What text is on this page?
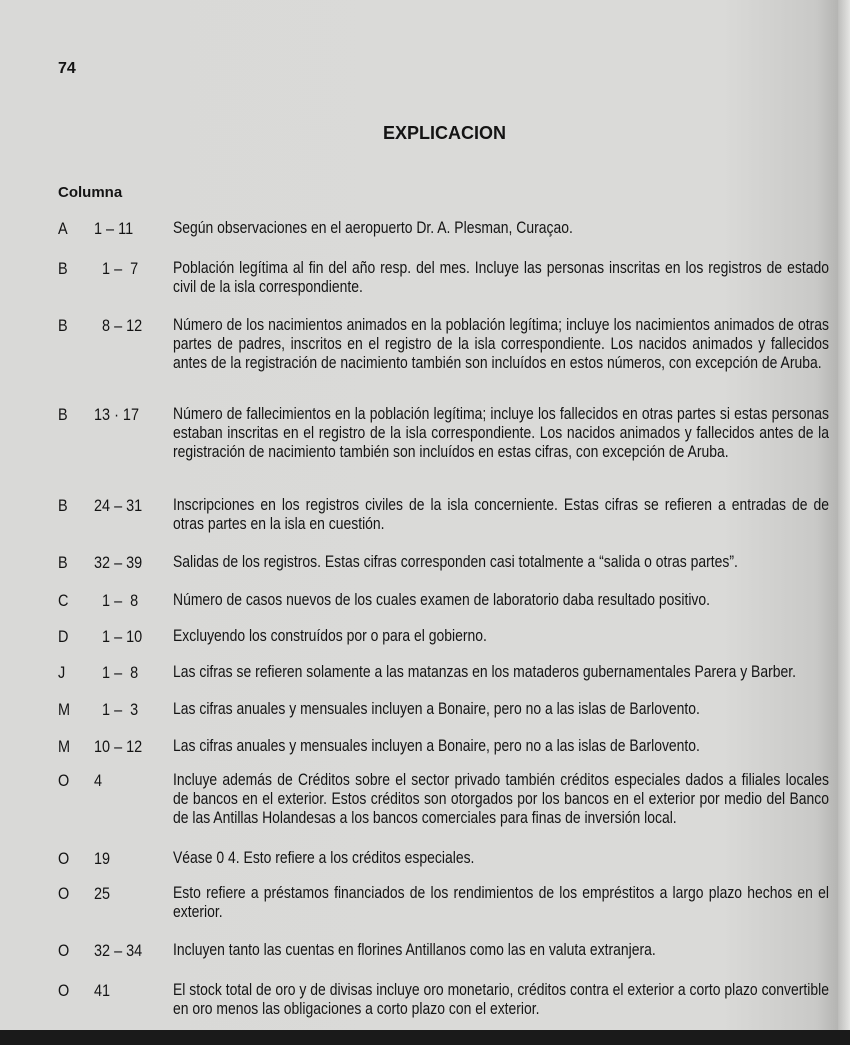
74
EXPLICACION
Columna
A 1 – 11 Según observaciones en el aeropuerto Dr. A. Plesman, Curaçao.
B 1 –  7 Población legítima al fin del año resp. del mes. Incluye las personas inscritas en los registros de estado civil de la isla correspondiente.
B 8 – 12 Número de los nacimientos animados en la población legítima; incluye los nacimientos animados de otras partes de padres, inscritos en el registro de la isla correspondiente. Los nacidos animados y fallecidos antes de la registración de nacimiento también son incluídos en estos números, con excepción de Aruba.
B 13 · 17 Número de fallecimientos en la población legítima; incluye los fallecidos en otras partes si estas personas estaban inscritas en el registro de la isla correspondiente. Los nacidos animados y fallecidos antes de la registración de nacimiento también son incluídos en estas cifras, con excepción de Aruba.
B 24 – 31 Inscripciones en los registros civiles de la isla concerniente. Estas cifras se refieren a entradas de de otras partes en la isla en cuestión.
B 32 – 39 Salidas de los registros. Estas cifras corresponden casi totalmente a “salida o otras partes”.
C 1 –  8 Número de casos nuevos de los cuales examen de laboratorio daba resultado positivo.
D 1 – 10 Excluyendo los construídos por o para el gobierno.
J 1 –  8 Las cifras se refieren solamente a las matanzas en los mataderos gubernamentales Parera y Barber.
M 1 –  3 Las cifras anuales y mensuales incluyen a Bonaire, pero no a las islas de Barlovento.
M 10 – 12 Las cifras anuales y mensuales incluyen a Bonaire, pero no a las islas de Barlovento.
O 4	Incluye además de Créditos sobre el sector privado también créditos especiales dados a filiales locales de bancos en el exterior. Estos créditos son otorgados por los bancos en el exterior por medio del Banco de las Antillas Holandesas a los bancos comerciales para finas de inversión local.
O 19	Véase 0 4. Esto refiere a los créditos especiales.
O 25	Esto refiere a préstamos financiados de los rendimientos de los empréstitos a largo plazo hechos en el exterior.
O 32 – 34 Incluyen tanto las cuentas en florines Antillanos como las en valuta extranjera.
O 41	El stock total de oro y de divisas incluye oro monetario, créditos contra el exterior a corto plazo convertible en oro menos las obligaciones a corto plazo con el exterior.
